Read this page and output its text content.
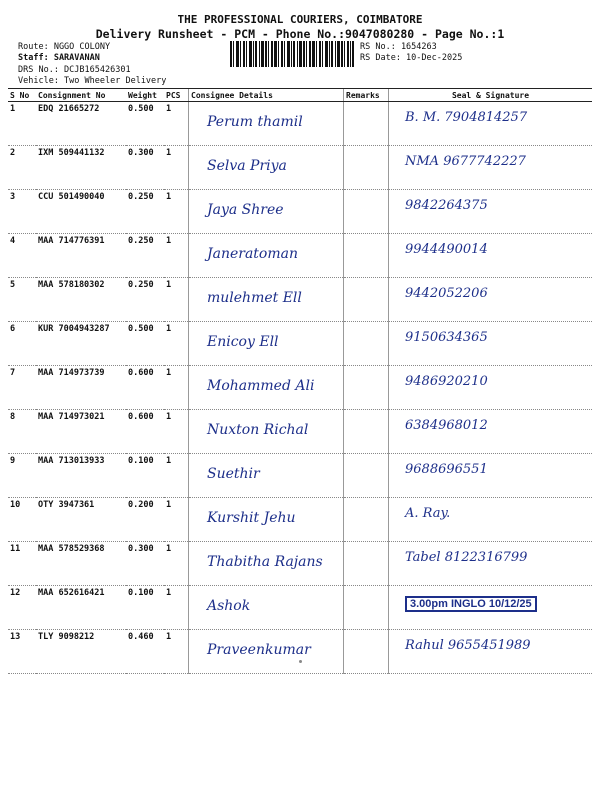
THE PROFESSIONAL COURIERS, COIMBATORE
Delivery Runsheet - PCM - Phone No.:9047080280 - Page No.:1
Route: NGGO COLONY
Staff: SARAVANAN
DRS No.: DCJB165426301
Vehicle: Two Wheeler Delivery
RS No.: 1654263
RS Date: 10-Dec-2025
S No	Consignment No	Weight	PCS	Consignee Details	Remarks	Seal & Signature
1	EDQ 21665272	0.500	1	Perum thamil		B. M. 7904814257

2	IXM 509441132	0.300	1	Selva Priya		NMA 9677742227

3	CCU 501490040	0.250	1	Jaya Shree		9842264375

4	MAA 714776391	0.250	1	Janeratoman		9944490014

5	MAA 578180302	0.250	1	mulehmet Ell		9442052206

6	KUR 7004943287	0.500	1	Enicoy Ell		9150634365

7	MAA 714973739	0.600	1	Mohammed Ali		9486920210

8	MAA 714973021	0.600	1	Nuxton Richal		6384968012

9	MAA 713013933	0.100	1	Suethir		9688696551

10	OTY 3947361	0.200	1	Kurshit Jehu		A. Ray.

11	MAA 578529368	0.300	1	Thabitha Rajans		Tabel 8122316799

12	MAA 652616421	0.100	1	Ashok		3.00pm INGLO 10/12/25

13	TLY 9098212	0.460	1	Praveenkumar		Rahul 9655451989
